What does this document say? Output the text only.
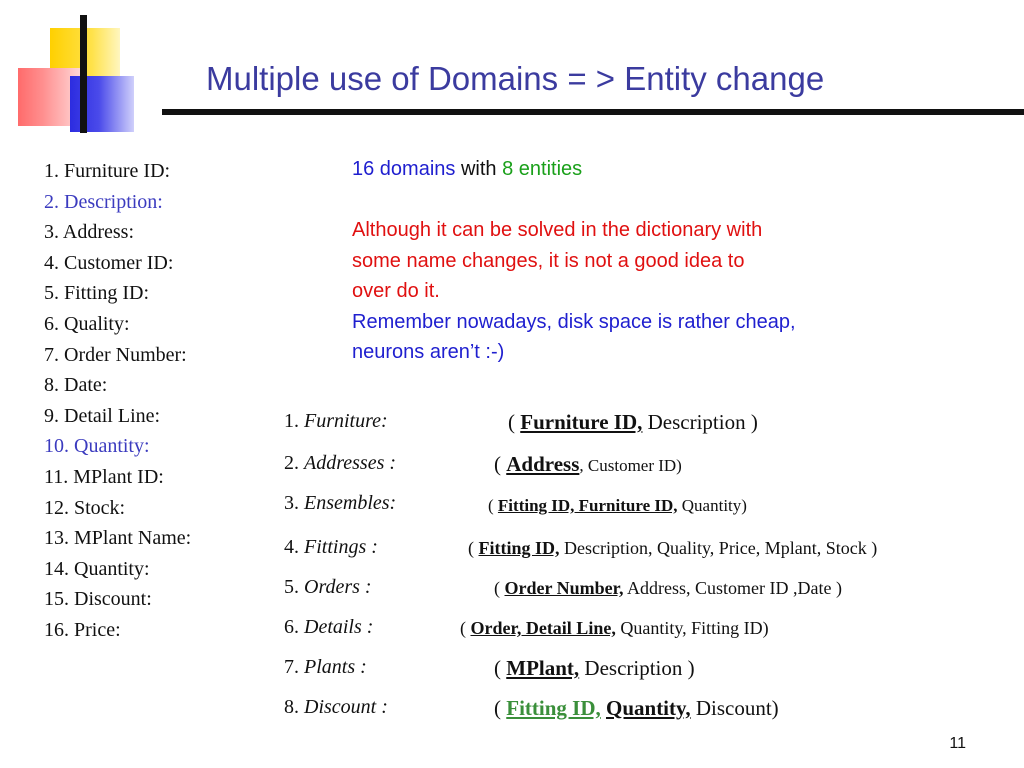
Multiple use of Domains = > Entity change
1. Furniture ID:
2. Description:
3. Address:
4. Customer ID:
5. Fitting ID:
6. Quality:
7. Order Number:
8. Date:
9. Detail Line:
10. Quantity:
11. MPlant ID:
12. Stock:
13. MPlant Name:
14. Quantity:
15. Discount:
16. Price:
16 domains with 8 entities
Although it can be solved in the dictionary with
some name changes, it is not a good idea to
over do it.
Remember nowadays, disk space is rather cheap,
neurons aren’t :-)
1. Furniture:	( Furniture ID, Description )
2. Addresses :	( Address, Customer ID)
3. Ensembles:	( Fitting ID, Furniture ID, Quantity)
4. Fittings :	( Fitting ID, Description, Quality, Price, Mplant, Stock )
5. Orders :	( Order Number, Address, Customer ID ,Date )
6. Details :	( Order, Detail Line, Quantity, Fitting ID)
7. Plants :	( MPlant, Description )
8. Discount :	( Fitting ID, Quantity, Discount)
11
